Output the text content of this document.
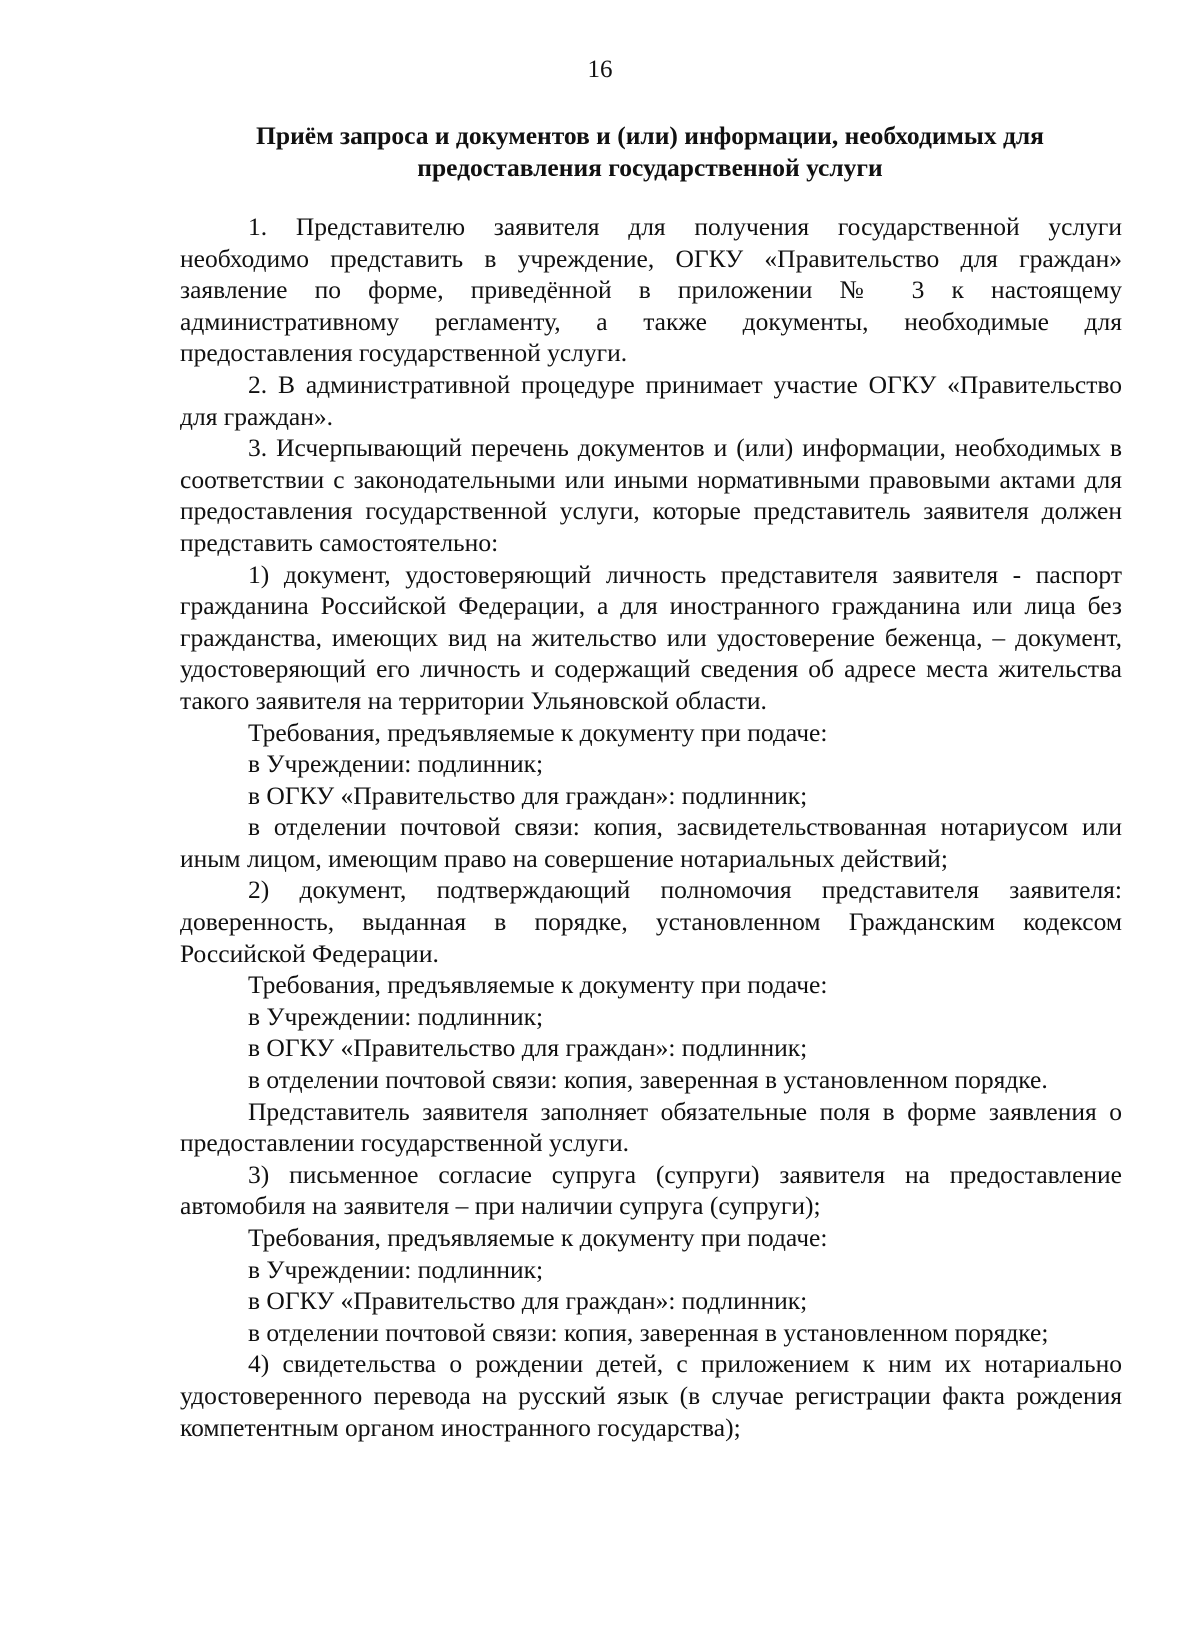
16
Приём запроса и документов и (или) информации, необходимых для предоставления государственной услуги

1. Представителю заявителя для получения государственной услуги необходимо представить в учреждение, ОГКУ «Правительство для граждан» заявление по форме, приведённой в приложении № 3 к настоящему административному регламенту, а также документы, необходимые для предоставления государственной услуги.

2. В административной процедуре принимает участие ОГКУ «Правительство для граждан».

3. Исчерпывающий перечень документов и (или) информации, необходимых в соответствии с законодательными или иными нормативными правовыми актами для предоставления государственной услуги, которые представитель заявителя должен представить самостоятельно:

1) документ, удостоверяющий личность представителя заявителя - паспорт гражданина Российской Федерации, а для иностранного гражданина или лица без гражданства, имеющих вид на жительство или удостоверение беженца, – документ, удостоверяющий его личность и содержащий сведения об адресе места жительства такого заявителя на территории Ульяновской области.

Требования, предъявляемые к документу при подаче:

в Учреждении: подлинник;

в ОГКУ «Правительство для граждан»: подлинник;

в отделении почтовой связи: копия, засвидетельствованная нотариусом или иным лицом, имеющим право на совершение нотариальных действий;

2) документ, подтверждающий полномочия представителя заявителя: доверенность, выданная в порядке, установленном Гражданским кодексом Российской Федерации.

Требования, предъявляемые к документу при подаче:

в Учреждении: подлинник;

в ОГКУ «Правительство для граждан»: подлинник;

в отделении почтовой связи: копия, заверенная в установленном порядке.

Представитель заявителя заполняет обязательные поля в форме заявления о предоставлении государственной услуги.

3) письменное согласие супруга (супруги) заявителя на предоставление автомобиля на заявителя – при наличии супруга (супруги);

Требования, предъявляемые к документу при подаче:

в Учреждении: подлинник;

в ОГКУ «Правительство для граждан»: подлинник;

в отделении почтовой связи: копия, заверенная в установленном порядке;

4) свидетельства о рождении детей, с приложением к ним их нотариально удостоверенного перевода на русский язык (в случае регистрации факта рождения компетентным органом иностранного государства);
